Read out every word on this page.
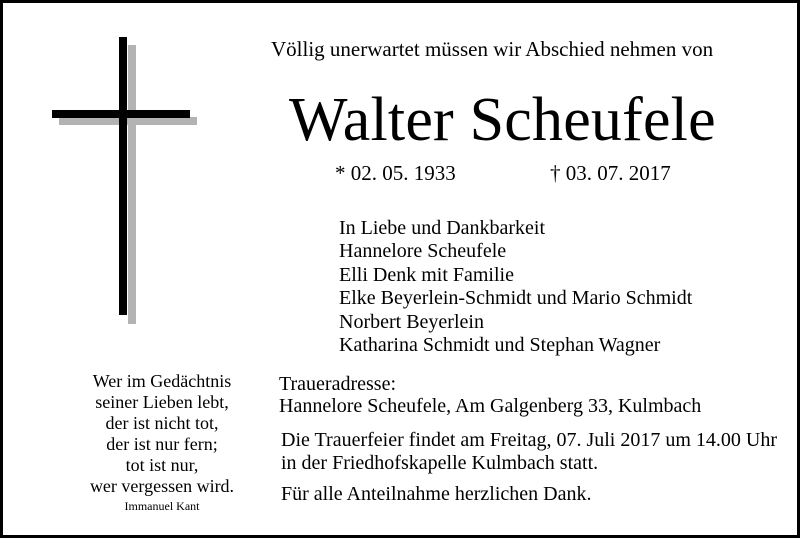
Völlig unerwartet müssen wir Abschied nehmen von
Walter Scheufele
* 02. 05. 1933	† 03. 07. 2017
In Liebe und Dankbarkeit
Hannelore Scheufele
Elli Denk mit Familie
Elke Beyerlein-Schmidt und Mario Schmidt
Norbert Beyerlein
Katharina Schmidt und Stephan Wagner
Wer im Gedächtnis
seiner Lieben lebt,
der ist nicht tot,
der ist nur fern;
tot ist nur,
wer vergessen wird.
Immanuel Kant
Traueradresse:
Hannelore Scheufele, Am Galgenberg 33, Kulmbach
Die Trauerfeier findet am Freitag, 07. Juli 2017 um 14.00 Uhr
in der Friedhofskapelle Kulmbach statt.
Für alle Anteilnahme herzlichen Dank.
